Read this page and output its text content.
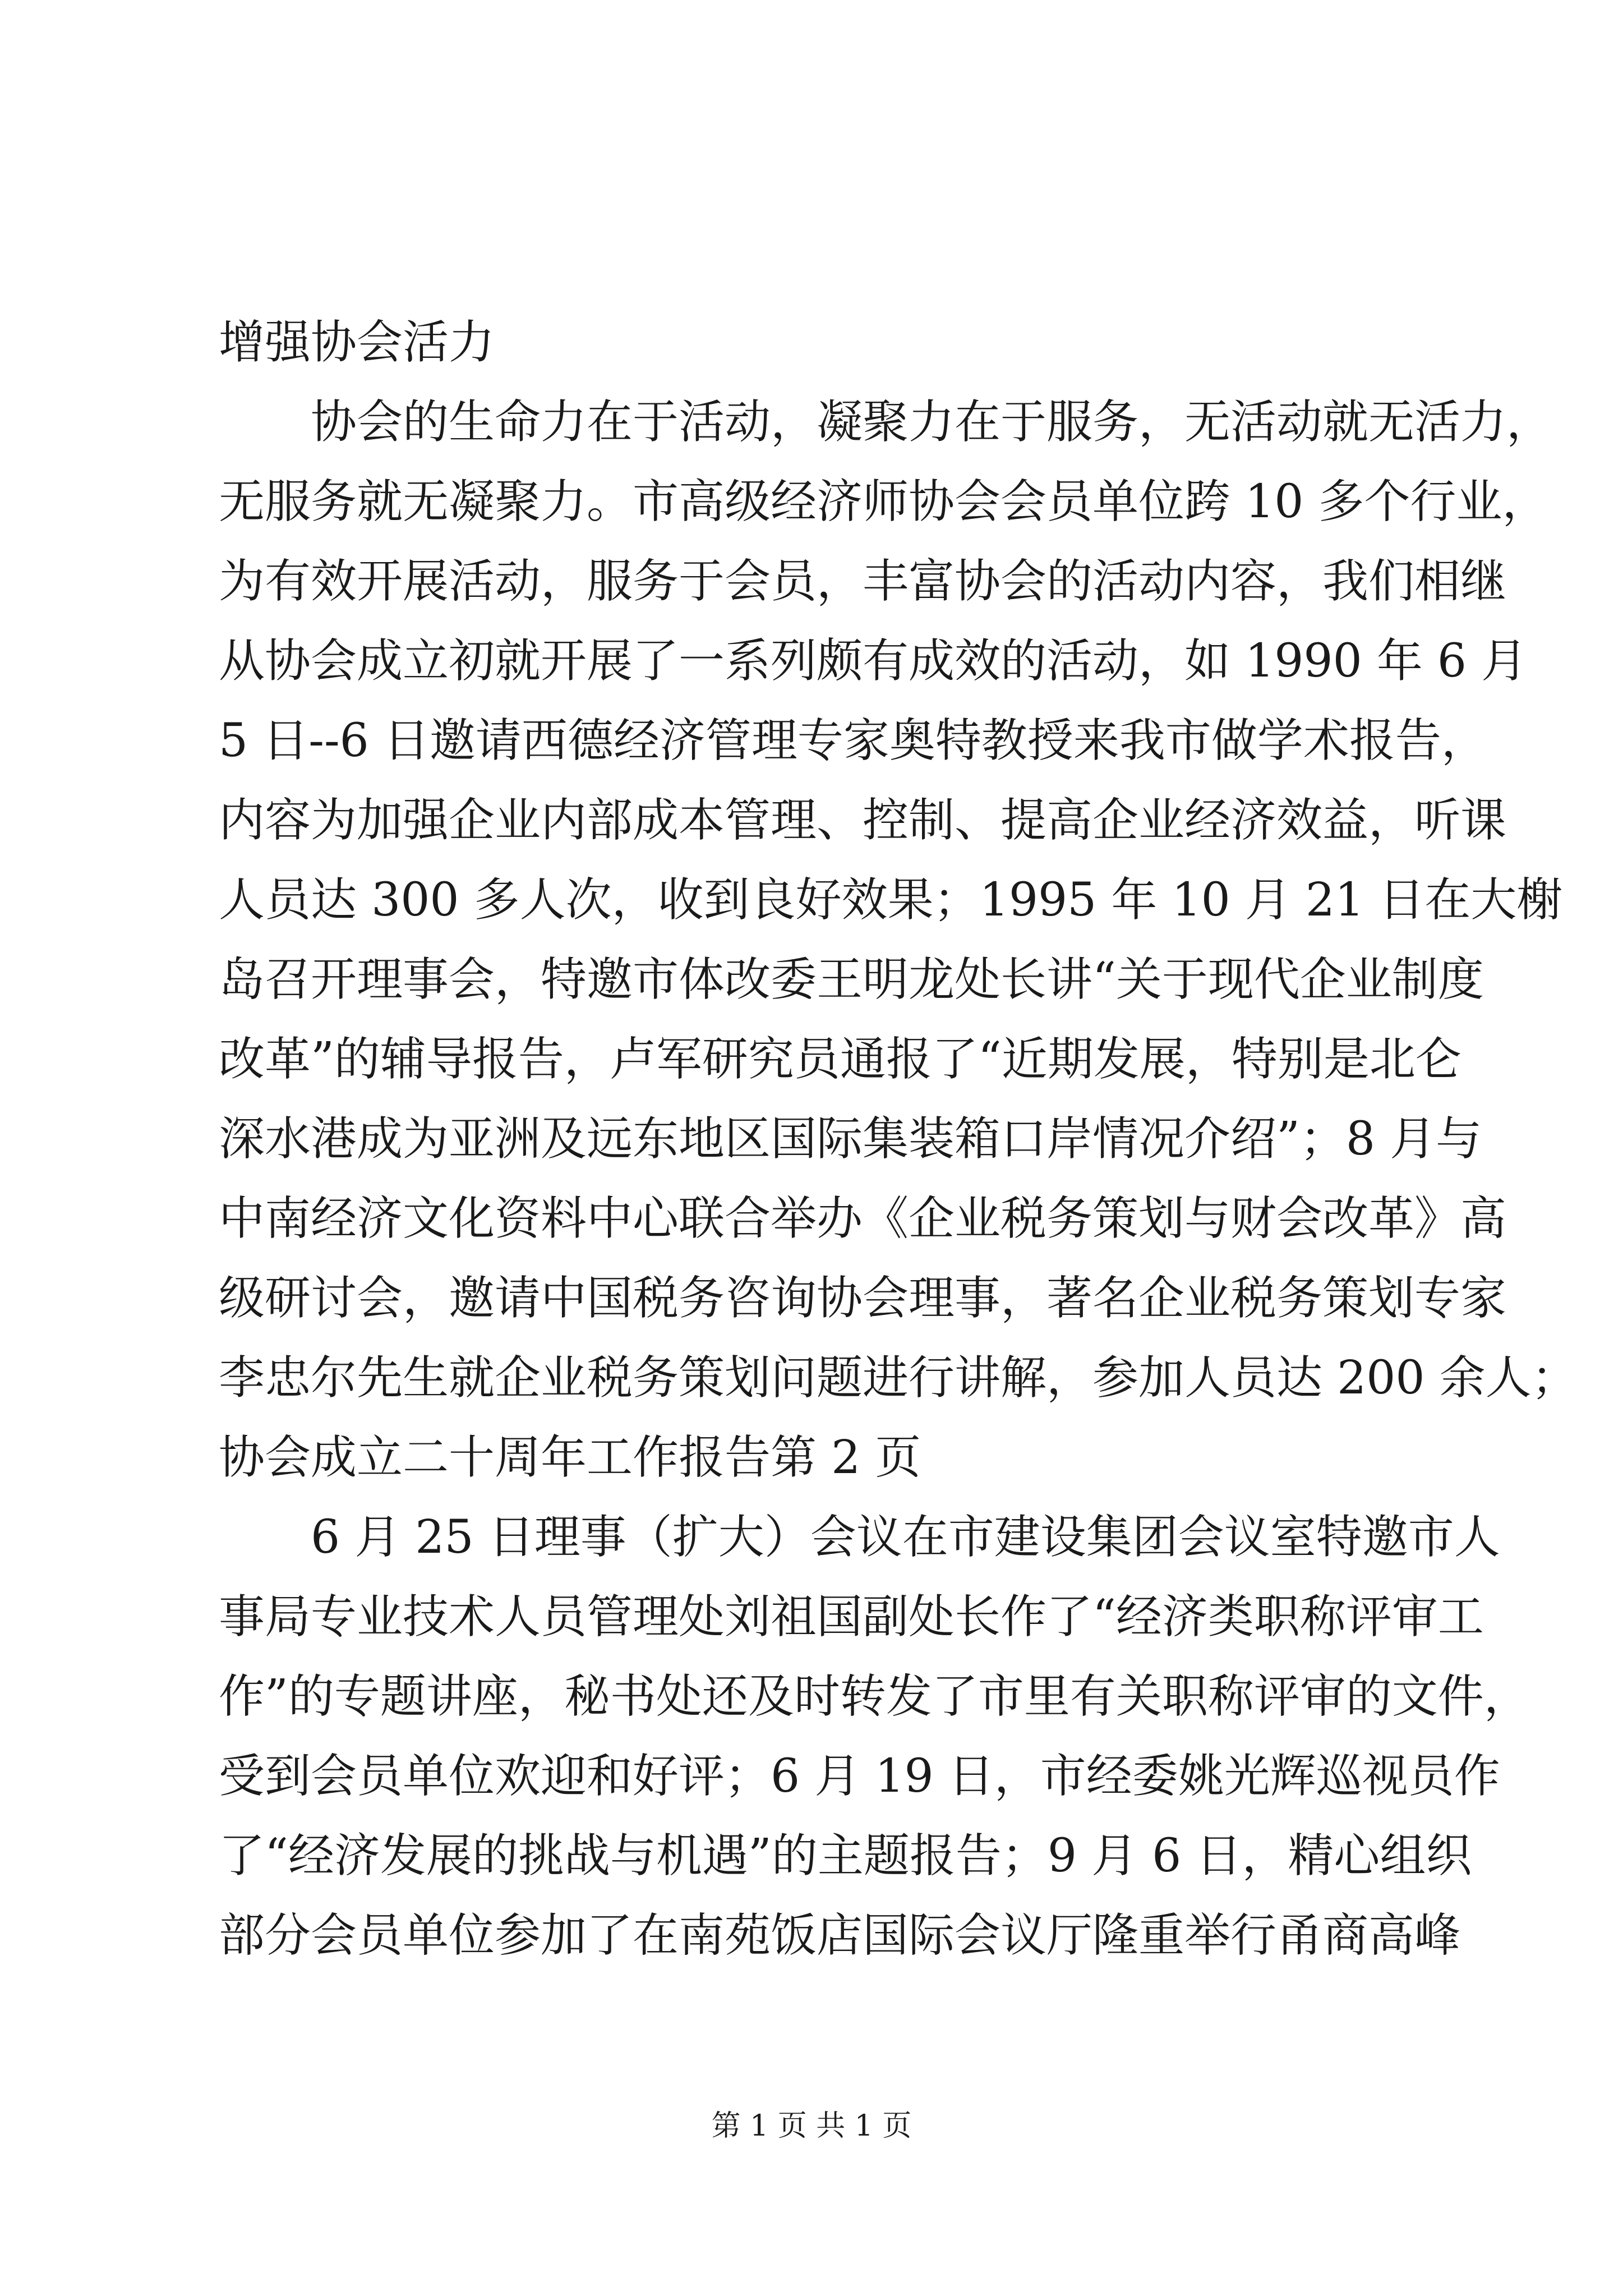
增强协会活力
协会的生命力在于活动，凝聚力在于服务，无活动就无活力，
无服务就无凝聚力。市高级经济师协会会员单位跨 10 多个行业，
为有效开展活动，服务于会员，丰富协会的活动内容，我们相继
从协会成立初就开展了一系列颇有成效的活动，如 1990 年 6 月
5 日--6 日邀请西德经济管理专家奥特教授来我市做学术报告，
内容为加强企业内部成本管理、控制、提高企业经济效益，听课
人员达 300 多人次，收到良好效果；1995 年 10 月 21 日在大榭
岛召开理事会，特邀市体改委王明龙处长讲“关于现代企业制度
改革”的辅导报告，卢军研究员通报了“近期发展，特别是北仑
深水港成为亚洲及远东地区国际集装箱口岸情况介绍”；8 月与
中南经济文化资料中心联合举办《企业税务策划与财会改革》高
级研讨会，邀请中国税务咨询协会理事，著名企业税务策划专家
李忠尔先生就企业税务策划问题进行讲解，参加人员达 200 余人；
协会成立二十周年工作报告第 2 页
6 月 25 日理事（扩大）会议在市建设集团会议室特邀市人
事局专业技术人员管理处刘祖国副处长作了“经济类职称评审工
作”的专题讲座，秘书处还及时转发了市里有关职称评审的文件，
受到会员单位欢迎和好评；6 月 19 日，市经委姚光辉巡视员作
了“经济发展的挑战与机遇”的主题报告；9 月 6 日，精心组织
部分会员单位参加了在南苑饭店国际会议厅隆重举行甬商高峰
第 1 页 共 1 页
